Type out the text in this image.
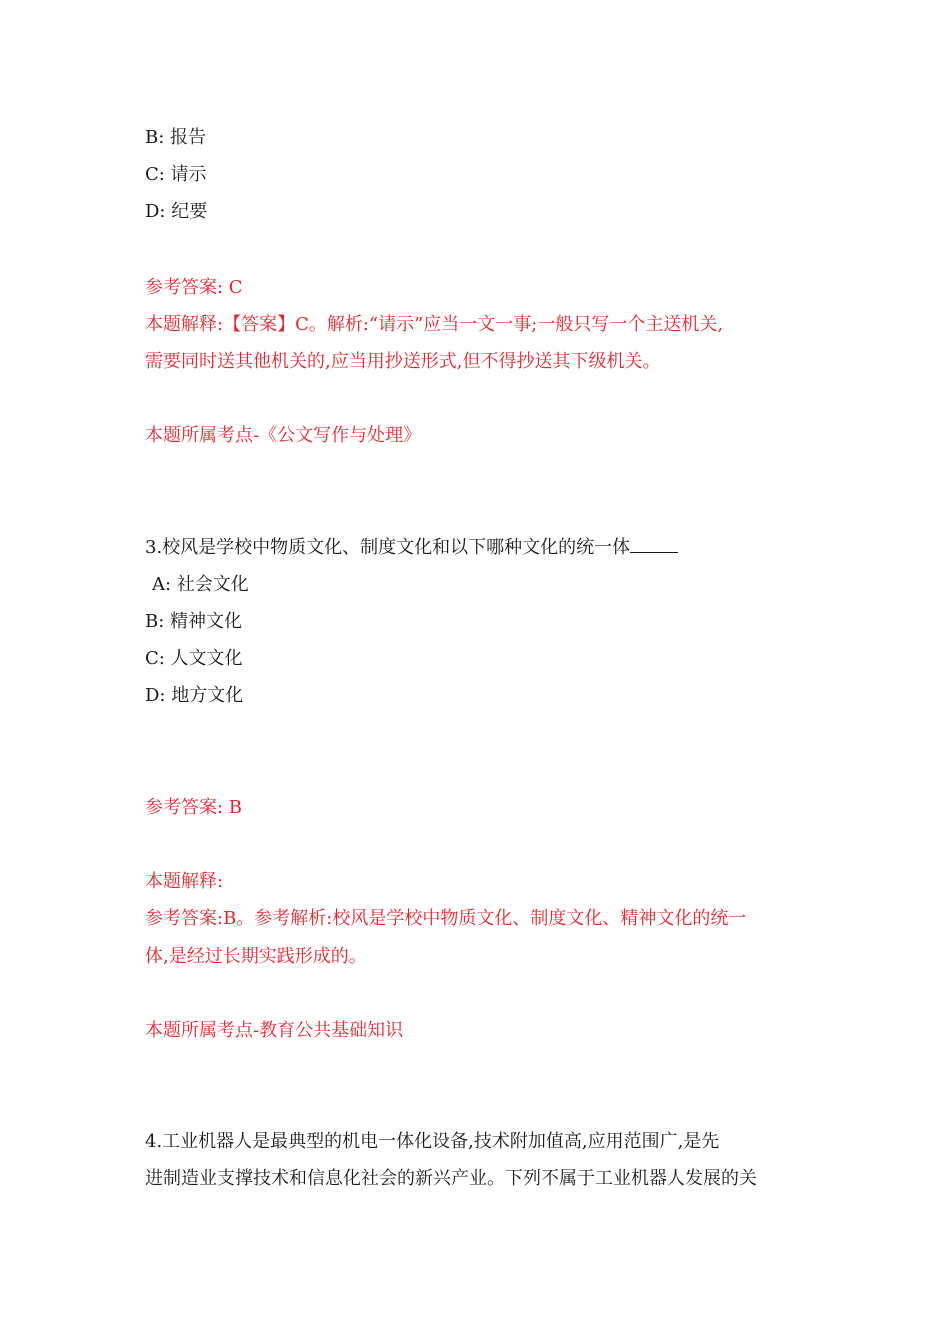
B: 报告
C: 请示
D: 纪要
参考答案: C
本题解释:【答案】C。解析:“请示”应当一文一事;一般只写一个主送机关,
需要同时送其他机关的,应当用抄送形式,但不得抄送其下级机关。
本题所属考点-《公文写作与处理》
3.校风是学校中物质文化、制度文化和以下哪种文化的统一体
A: 社会文化
B: 精神文化
C: 人文文化
D: 地方文化
参考答案: B
本题解释:
参考答案:B。参考解析:校风是学校中物质文化、制度文化、精神文化的统一
体,是经过长期实践形成的。
本题所属考点-教育公共基础知识
4.工业机器人是最典型的机电一体化设备,技术附加值高,应用范围广,是先
进制造业支撑技术和信息化社会的新兴产业。下列不属于工业机器人发展的关
